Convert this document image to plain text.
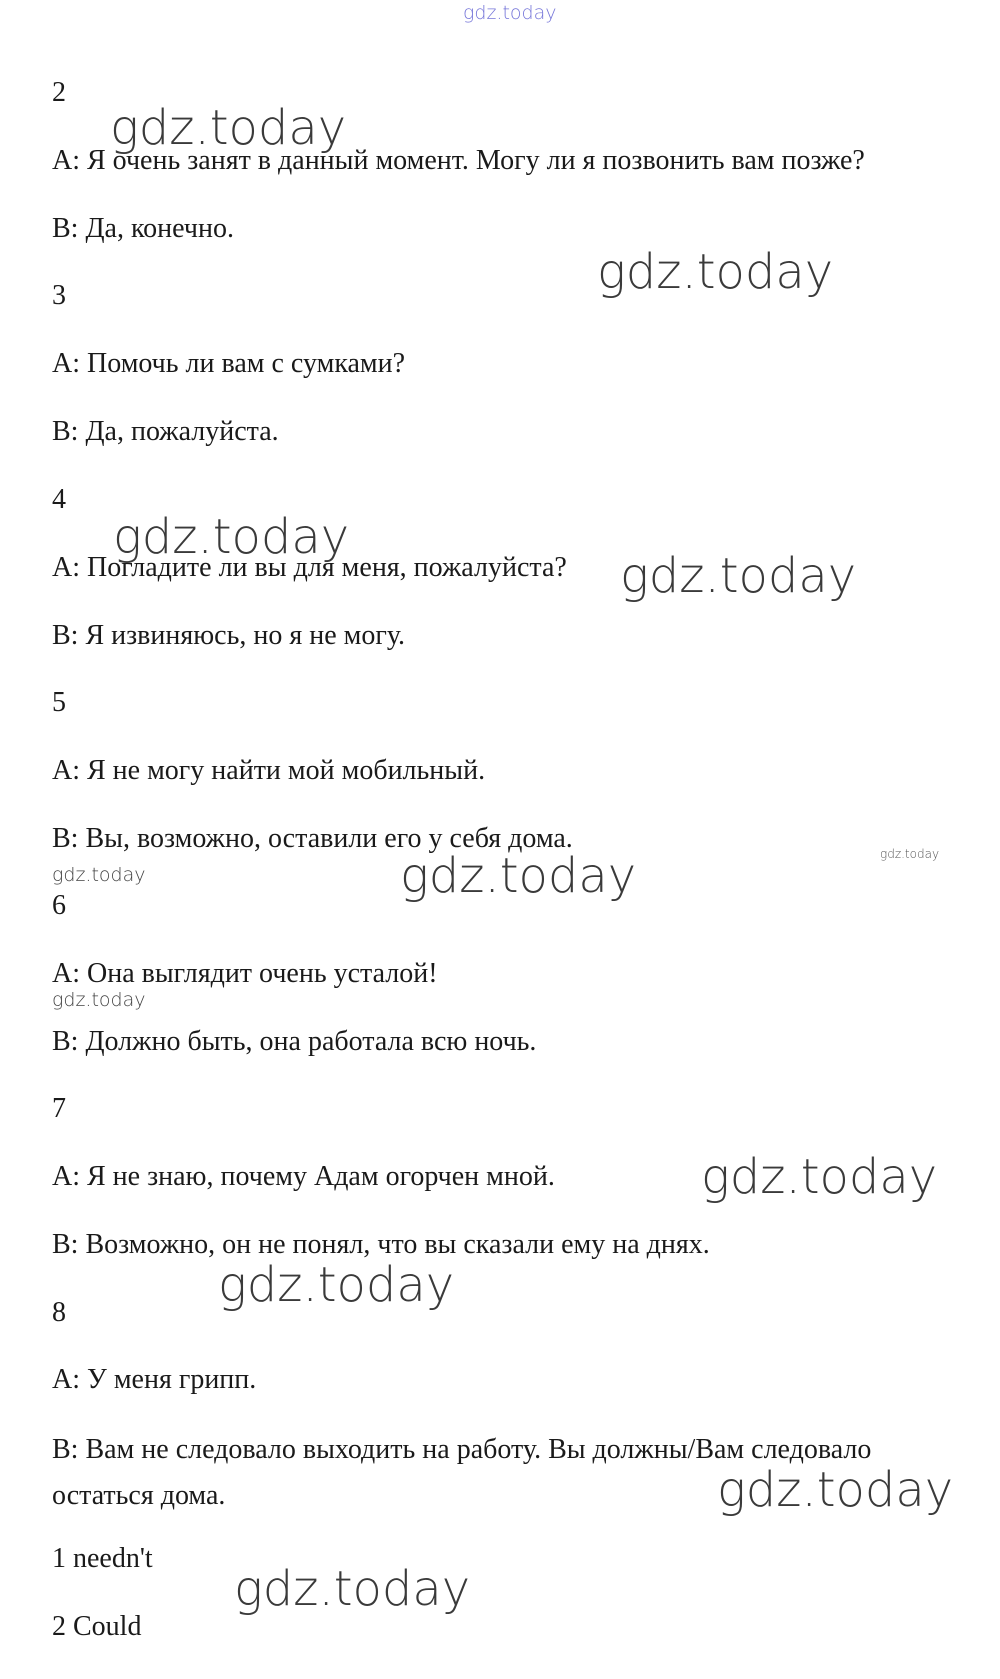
gdz.today
gdz.today
gdz.today
gdz.today
gdz.today
gdz.today
gdz.today	gdz.today
gdz.today
gdz.today
gdz.today
gdz.today
gdz.today
2
A: Я очень занят в данный момент. Могу ли я позвонить вам позже?
B: Да, конечно.
3
A: Помочь ли вам с сумками?
B: Да, пожалуйста.
4
A: Погладите ли вы для меня, пожалуйста?
B: Я извиняюсь, но я не могу.
5
A: Я не могу найти мой мобильный.
B: Вы, возможно, оставили его у себя дома.
6
A: Она выглядит очень усталой!
B: Должно быть, она работала всю ночь.
7
A: Я не знаю, почему Адам огорчен мной.
B: Возможно, он не понял, что вы сказали ему на днях.
8
A: У меня грипп.
B: Вам не следовало выходить на работу. Вы должны/Вам следовало остаться дома.
1 needn't
2 Could
